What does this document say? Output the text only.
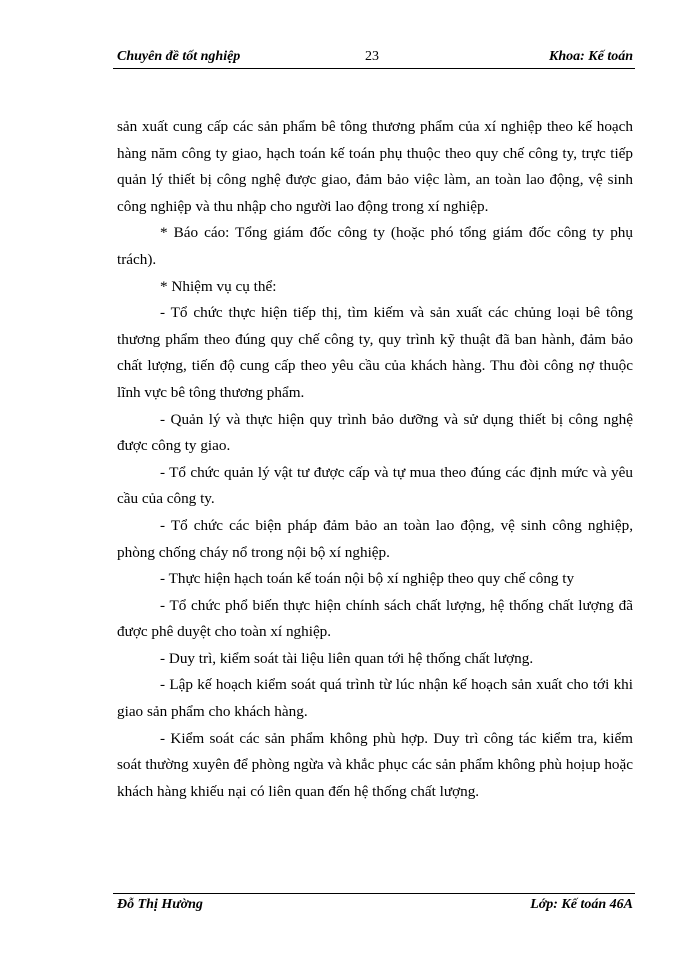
Chuyên đề tốt nghiệp	23	Khoa: Kế toán

sản xuất cung cấp các sản phẩm bê tông thương phẩm của xí nghiệp theo kế hoạch hàng năm công ty giao, hạch toán kế toán phụ thuộc theo quy chế công ty, trực tiếp quản lý thiết bị công nghệ được giao, đảm bảo việc làm, an toàn lao động, vệ sinh công nghiệp và thu nhập cho người lao động trong xí nghiệp.

* Báo cáo: Tổng giám đốc công ty (hoặc phó tổng giám đốc công ty phụ trách).

* Nhiệm vụ cụ thể:

- Tổ chức thực hiện tiếp thị, tìm kiếm và sản xuất các chủng loại bê tông thương phẩm theo đúng quy chế công ty, quy trình kỹ thuật đã ban hành, đảm bảo chất lượng, tiến độ cung cấp theo yêu cầu của khách hàng. Thu đòi công nợ thuộc lĩnh vực bê tông thương phẩm.

- Quản lý và thực hiện quy trình bảo dưỡng và sử dụng thiết bị công nghệ được công ty giao.

- Tổ chức quản lý vật tư được cấp và tự mua theo đúng các định mức và yêu cầu của công ty.

- Tổ chức các biện pháp đảm bảo an toàn lao động, vệ sinh công nghiệp, phòng chống cháy nổ trong nội bộ xí nghiệp.

- Thực hiện hạch toán kế toán nội bộ xí nghiệp theo quy chế công ty

- Tổ chức phổ biến thực hiện chính sách chất lượng, hệ thống chất lượng đã được phê duyệt cho toàn xí nghiệp.

- Duy trì, kiểm soát tài liệu liên quan tới hệ thống chất lượng.

- Lập kế hoạch kiểm soát quá trình từ lúc nhận kế hoạch sản xuất cho tới khi giao sản phẩm cho khách hàng.

- Kiểm soát các sản phẩm không phù hợp. Duy trì công tác kiểm tra, kiểm soát thường xuyên để phòng ngừa và khắc phục các sản phẩm không phù hoịup hoặc khách hàng khiếu nại có liên quan đến hệ thống chất lượng.

Đỗ Thị Hường	Lớp: Kế toán 46A
